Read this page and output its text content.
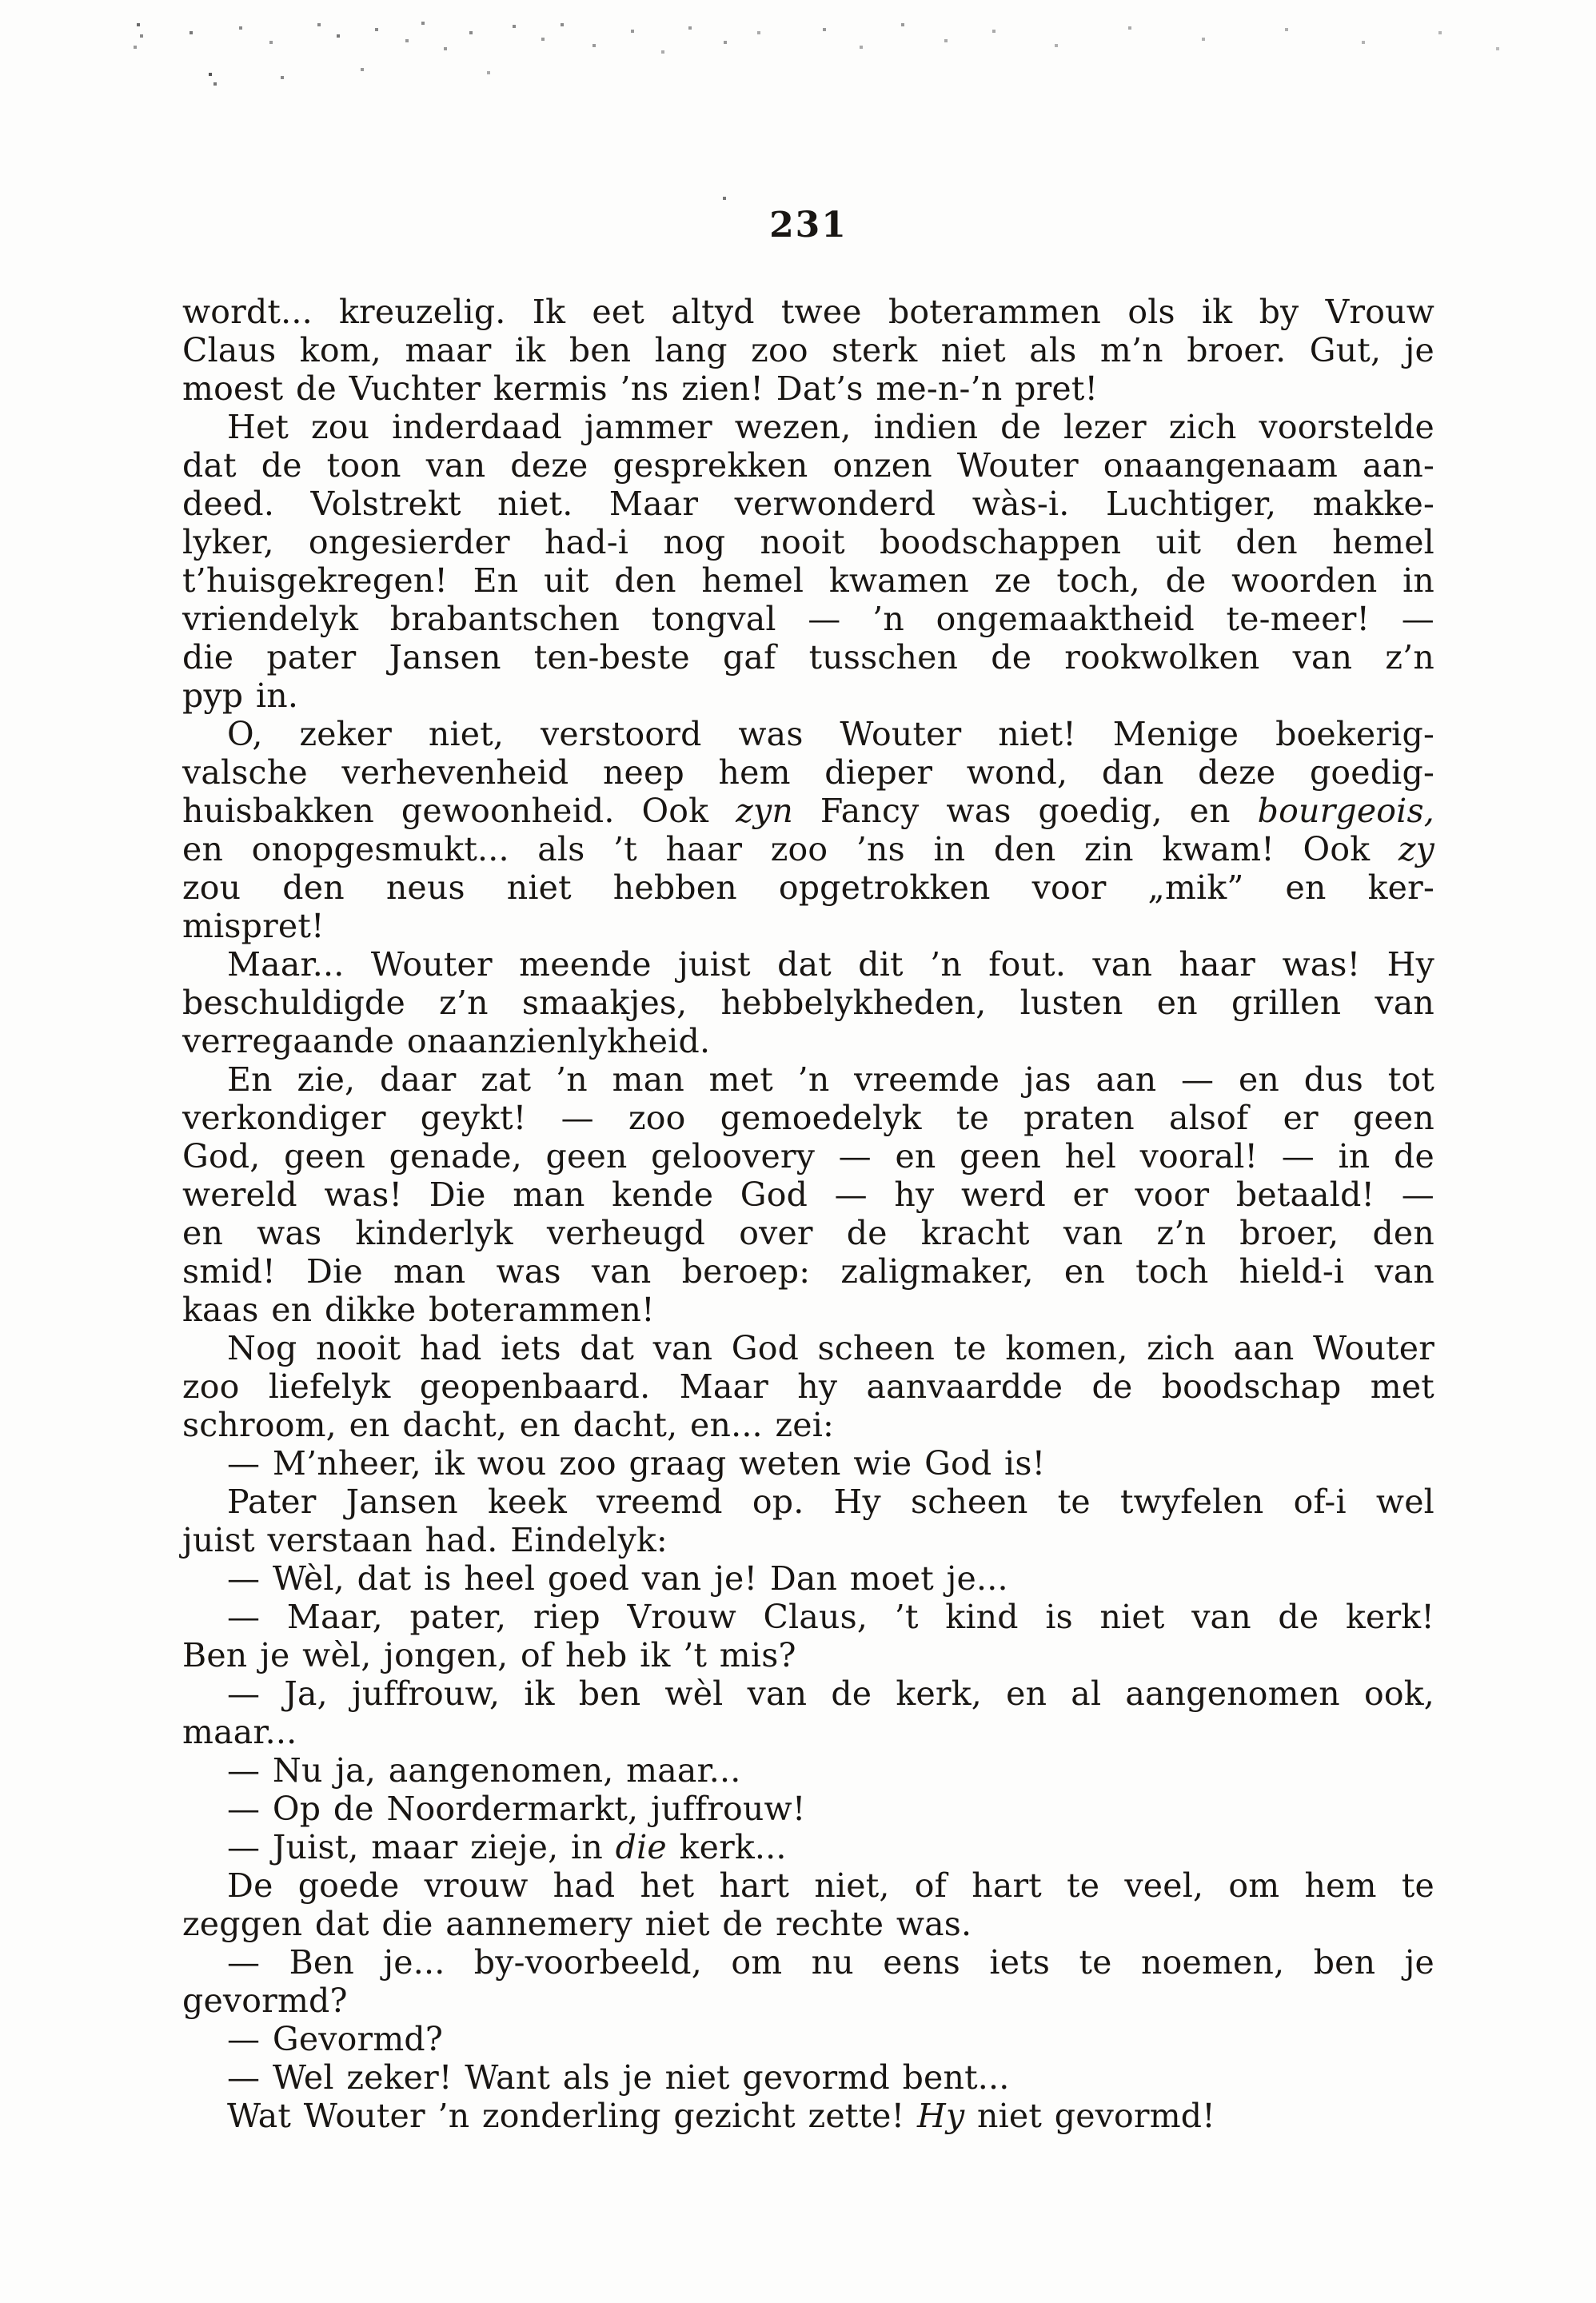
231
wordt... kreuzelig. Ik eet altyd twee boterammen ols ik by Vrouw
Claus kom, maar ik ben lang zoo sterk niet als m’n broer. Gut, je
moest de Vuchter kermis ’ns zien! Dat’s me-n-’n pret!
Het zou inderdaad jammer wezen, indien de lezer zich voorstelde
dat de toon van deze gesprekken onzen Wouter onaangenaam aan-
deed. Volstrekt niet. Maar verwonderd wàs-i. Luchtiger, makke-
lyker, ongesierder had-i nog nooit boodschappen uit den hemel
t’huisgekregen! En uit den hemel kwamen ze toch, de woorden in
vriendelyk brabantschen tongval — ’n ongemaaktheid te-meer! —
die pater Jansen ten-beste gaf tusschen de rookwolken van z’n
pyp in.
O, zeker niet, verstoord was Wouter niet! Menige boekerig-
valsche verhevenheid neep hem dieper wond, dan deze goedig-
huisbakken gewoonheid. Ook zyn Fancy was goedig, en bourgeois,
en onopgesmukt... als ’t haar zoo ’ns in den zin kwam! Ook zy
zou den neus niet hebben opgetrokken voor „mik” en ker-
mispret!
Maar... Wouter meende juist dat dit ’n fout. van haar was! Hy
beschuldigde z’n smaakjes, hebbelykheden, lusten en grillen van
verregaande onaanzienlykheid.
En zie, daar zat ’n man met ’n vreemde jas aan — en dus tot
verkondiger geykt! — zoo gemoedelyk te praten alsof er geen
God, geen genade, geen geloovery — en geen hel vooral! — in de
wereld was! Die man kende God — hy werd er voor betaald! —
en was kinderlyk verheugd over de kracht van z’n broer, den
smid! Die man was van beroep: zaligmaker, en toch hield-i van
kaas en dikke boterammen!
Nog nooit had iets dat van God scheen te komen, zich aan Wouter
zoo liefelyk geopenbaard. Maar hy aanvaardde de boodschap met
schroom, en dacht, en dacht, en... zei:
— M’nheer, ik wou zoo graag weten wie God is!
Pater Jansen keek vreemd op. Hy scheen te twyfelen of-i wel
juist verstaan had. Eindelyk:
— Wèl, dat is heel goed van je! Dan moet je...
— Maar, pater, riep Vrouw Claus, ’t kind is niet van de kerk!
Ben je wèl, jongen, of heb ik ’t mis?
— Ja, juffrouw, ik ben wèl van de kerk, en al aangenomen ook,
maar...
— Nu ja, aangenomen, maar...
— Op de Noordermarkt, juffrouw!
— Juist, maar zieje, in die kerk...
De goede vrouw had het hart niet, of hart te veel, om hem te
zeggen dat die aannemery niet de rechte was.
— Ben je... by-voorbeeld, om nu eens iets te noemen, ben je
gevormd?
— Gevormd?
— Wel zeker! Want als je niet gevormd bent...
Wat Wouter ’n zonderling gezicht zette! Hy niet gevormd!
